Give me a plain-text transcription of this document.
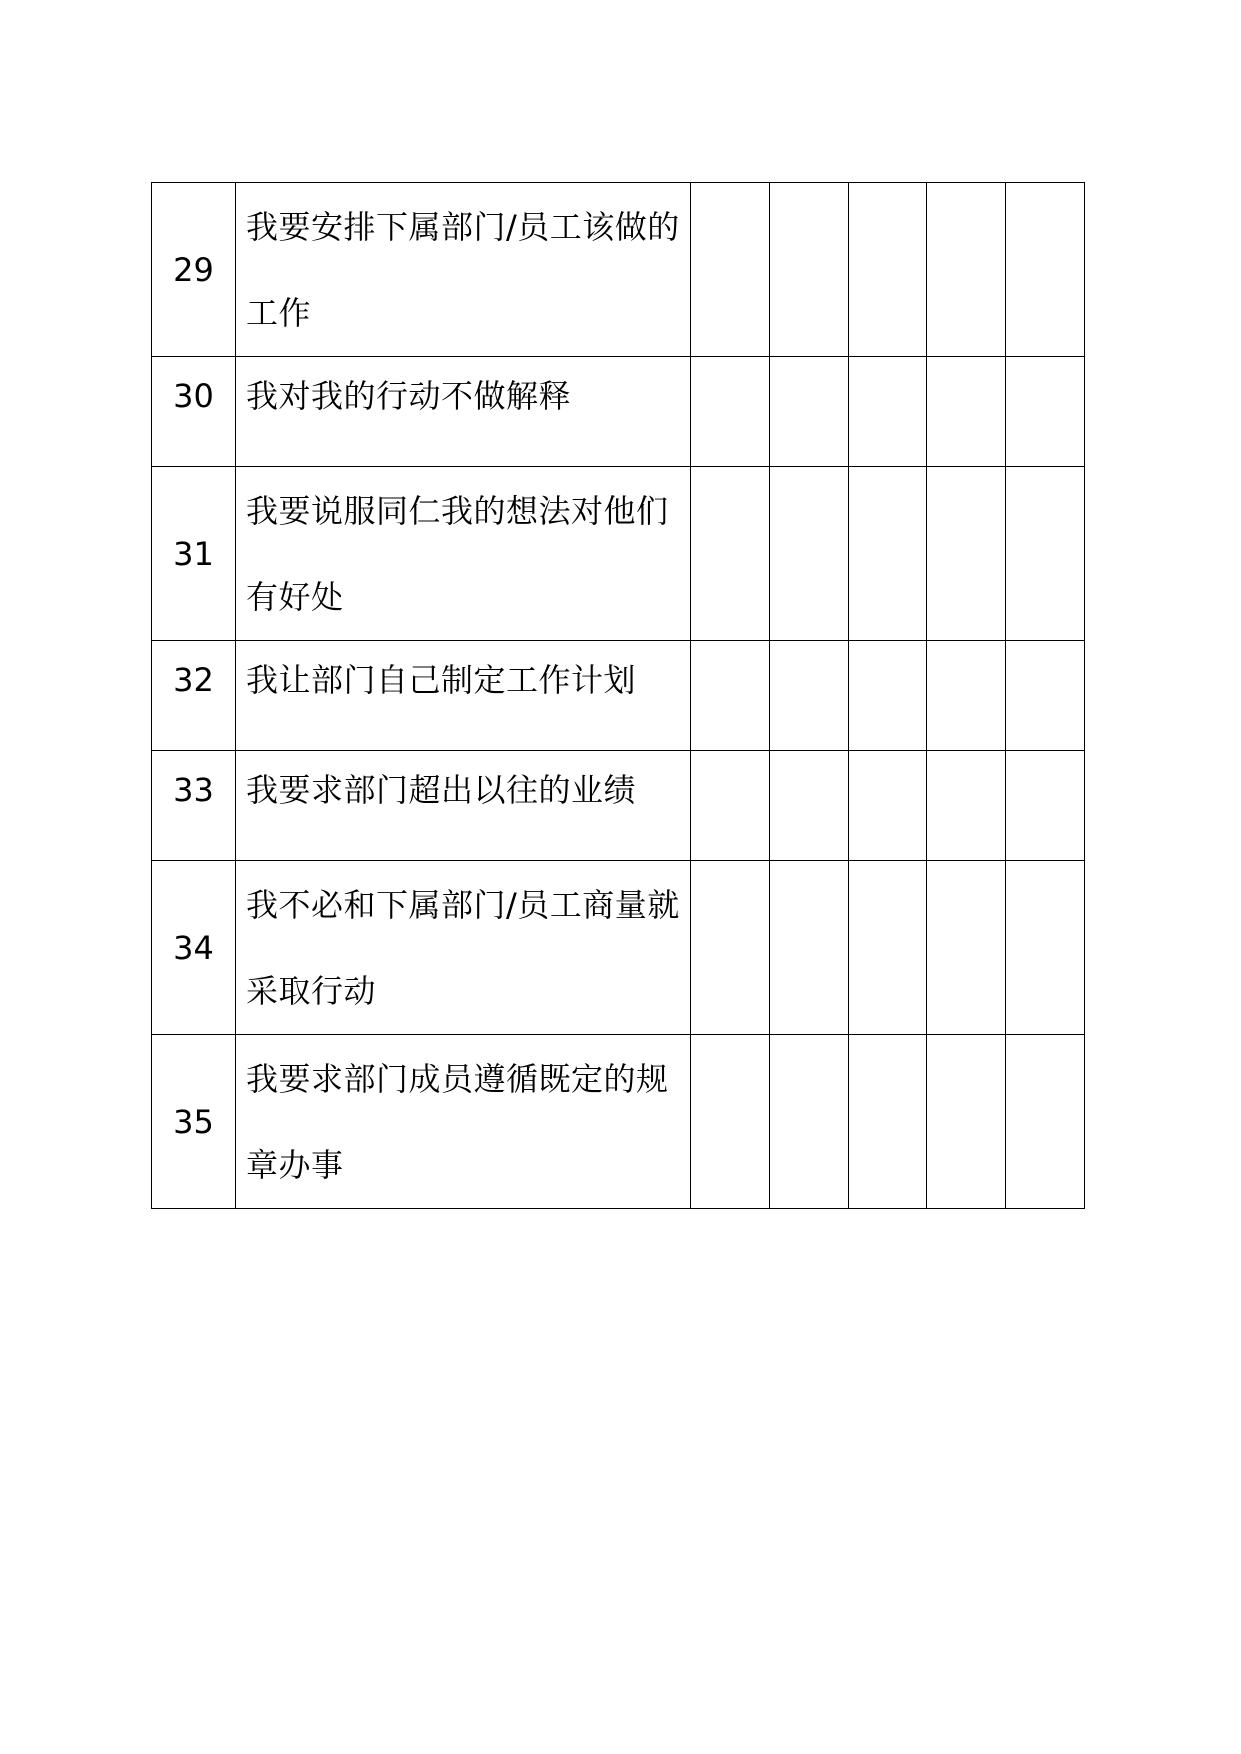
29	我要安排下属部门/员工该做的工作					
30	我对我的行动不做解释					
31	我要说服同仁我的想法对他们有好处					
32	我让部门自己制定工作计划					
33	我要求部门超出以往的业绩					
34	我不必和下属部门/员工商量就采取行动					
35	我要求部门成员遵循既定的规章办事					
